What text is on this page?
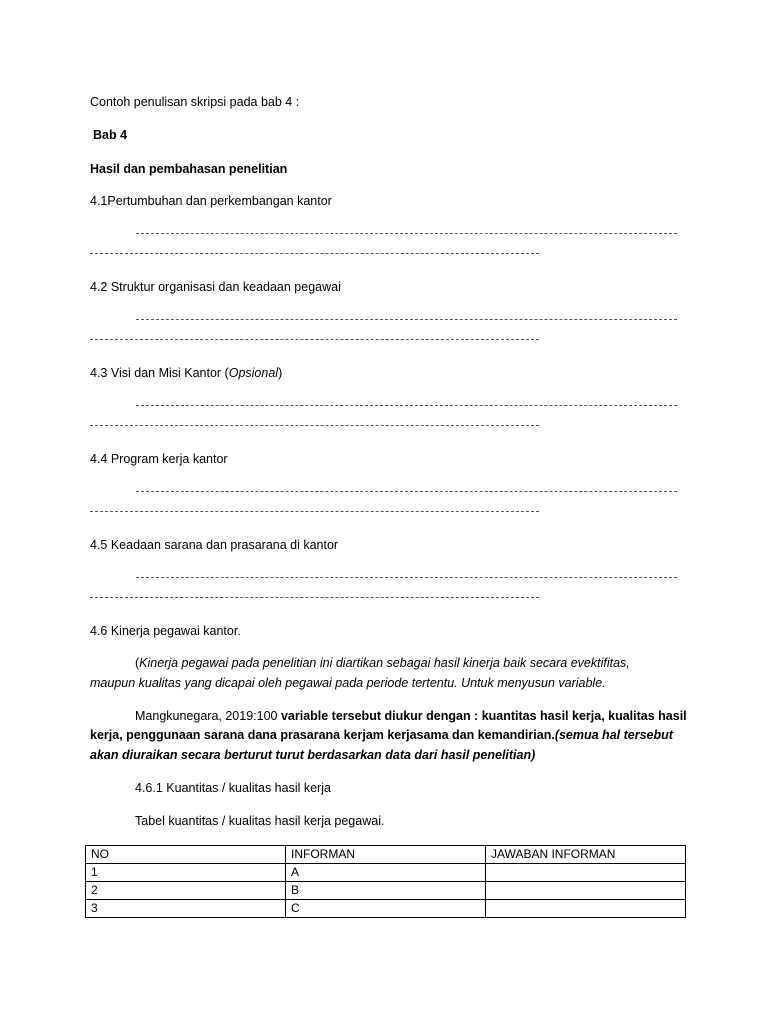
Contoh penulisan skripsi pada bab 4 :
Bab 4
Hasil dan pembahasan penelitian
4.1Pertumbuhan dan perkembangan kantor
4.2 Struktur organisasi dan keadaan pegawai
4.3 Visi dan Misi Kantor (Opsional)
4.4 Program kerja kantor
4.5 Keadaan sarana dan prasarana di kantor
4.6 Kinerja pegawai kantor.
(Kinerja pegawai pada penelitian ini diartikan sebagai hasil kinerja baik secara evektifitas,
maupun kualitas yang dicapai oleh pegawai pada periode tertentu. Untuk menyusun variable.
Mangkunegara, 2019:100 variable tersebut diukur dengan : kuantitas hasil kerja, kualitas hasil
kerja, penggunaan sarana dana prasarana kerjam kerjasama dan kemandirian.(semua hal tersebut
akan diuraikan secara berturut turut berdasarkan data dari hasil penelitian)
4.6.1 Kuantitas / kualitas hasil kerja
Tabel kuantitas / kualitas hasil kerja pegawai.
NO	INFORMAN	JAWABAN INFORMAN
1	A	
2	B	
3	C	
